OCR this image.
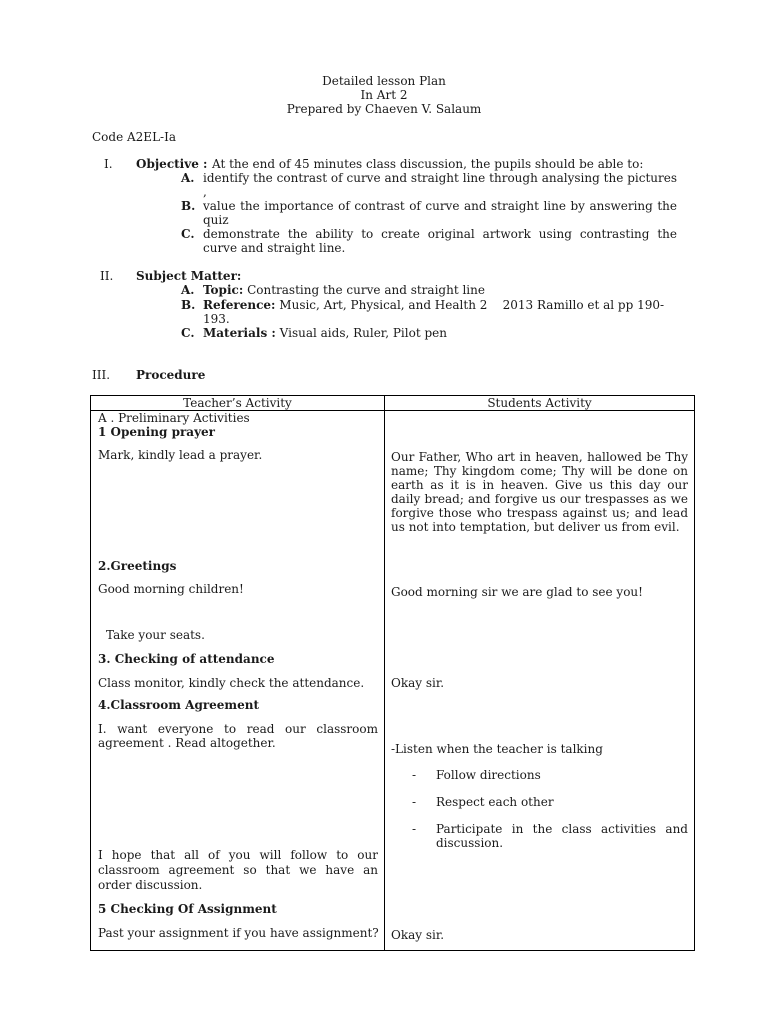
Detailed lesson Plan
In Art 2
Prepared by Chaeven V. Salaum
Code A2EL-Ia
I. Objective : At the end of 45 minutes class discussion, the pupils should be able to:
A. identify the contrast of curve and straight line through analysing the pictures ,
B. value the importance of contrast of curve and straight line by answering the quiz
C. demonstrate the ability to create original artwork using contrasting the curve and straight line.
II. Subject Matter:
A. Topic: Contrasting the curve and straight line
B. Reference: Music, Art, Physical, and Health 2    2013 Ramillo et al pp 190-193.
C. Materials : Visual aids, Ruler, Pilot pen
III. Procedure
Teacher’s Activity	Students Activity
A . Preliminary Activities
1 Opening prayer
Mark, kindly lead a prayer.
2.Greetings
Good morning children!
Take your seats.
3. Checking of attendance
Class monitor, kindly check the attendance.
4.Classroom Agreement
I. want everyone to read our classroom agreement . Read altogether.
I hope that all of you will follow to our classroom agreement so that we have an order discussion.
5 Checking Of Assignment
Past your assignment if you have assignment?
Our Father, Who art in heaven, hallowed be Thy name; Thy kingdom come; Thy will be done on earth as it is in heaven. Give us this day our daily bread; and forgive us our trespasses as we forgive those who trespass against us; and lead us not into temptation, but deliver us from evil.
Good morning sir we are glad to see you!
Okay sir.
-Listen when the teacher is talking
- Follow directions
- Respect each other
- Participate in the class activities and discussion.
Okay sir.
